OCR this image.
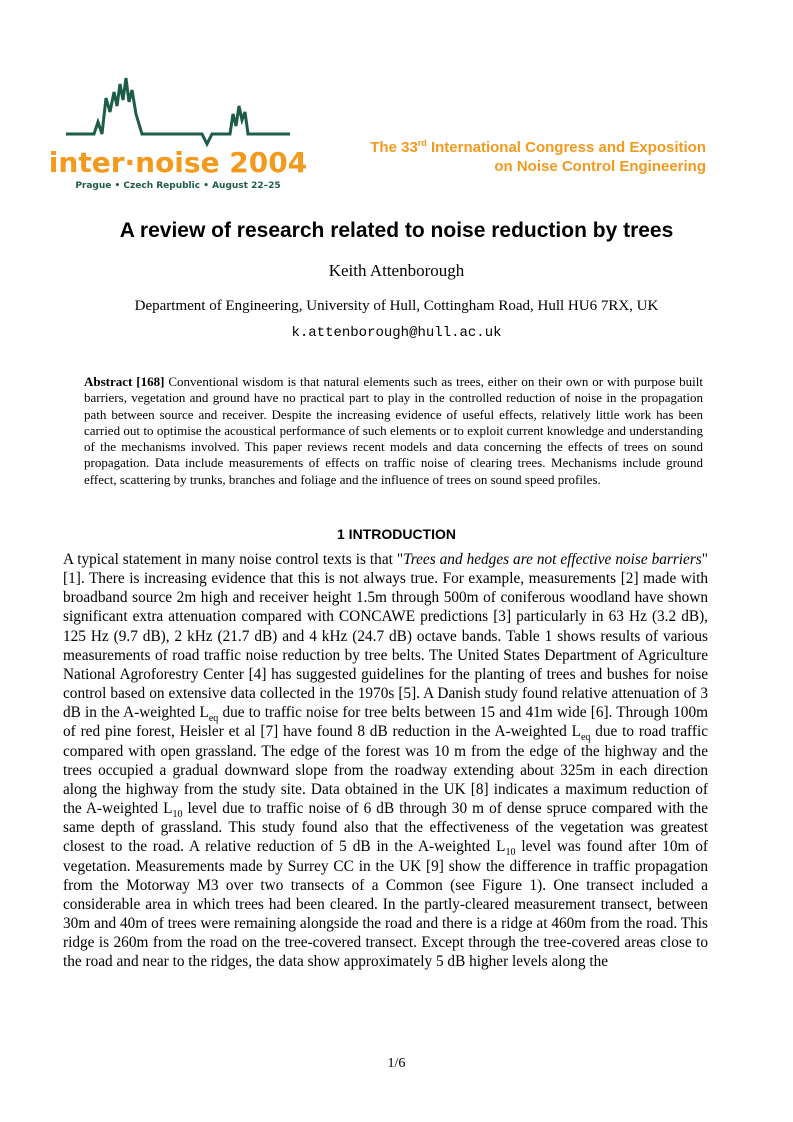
inter·noise 2004
Prague • Czech Republic • August 22–25
The 33rd International Congress and Exposition
on Noise Control Engineering
A review of research related to noise reduction by trees
Keith Attenborough
Department of Engineering, University of Hull, Cottingham Road, Hull HU6 7RX, UK
k.attenborough@hull.ac.uk
Abstract [168] Conventional wisdom is that natural elements such as trees, either on their own or with purpose built barriers, vegetation and ground have no practical part to play in the controlled reduction of noise in the propagation path between source and receiver. Despite the increasing evidence of useful effects, relatively little work has been carried out to optimise the acoustical performance of such elements or to exploit current knowledge and understanding of the mechanisms involved. This paper reviews recent models and data concerning the effects of trees on sound propagation. Data include measurements of effects on traffic noise of clearing trees. Mechanisms include ground effect, scattering by trunks, branches and foliage and the influence of trees on sound speed profiles.
1 INTRODUCTION
A typical statement in many noise control texts is that "Trees and hedges are not effective noise barriers" [1]. There is increasing evidence that this is not always true. For example, measurements [2] made with broadband source 2m high and receiver height 1.5m through 500m of coniferous woodland have shown significant extra attenuation compared with CONCAWE predictions [3] particularly in 63 Hz (3.2 dB), 125 Hz (9.7 dB), 2 kHz (21.7 dB) and 4 kHz (24.7 dB) octave bands. Table 1 shows results of various measurements of road traffic noise reduction by tree belts. The United States Department of Agriculture National Agroforestry Center [4] has suggested guidelines for the planting of trees and bushes for noise control based on extensive data collected in the 1970s [5]. A Danish study found relative attenuation of 3 dB in the A-weighted $L_{eq}$ due to traffic noise for tree belts between 15 and 41m wide [6]. Through 100m of red pine forest, Heisler et al [7] have found 8 dB reduction in the A-weighted $L_{eq}$ due to road traffic compared with open grassland. The edge of the forest was 10 m from the edge of the highway and the trees occupied a gradual downward slope from the roadway extending about 325m in each direction along the highway from the study site. Data obtained in the UK [8] indicates a maximum reduction of the A-weighted $L_{10}$ level due to traffic noise of 6 dB through 30 m of dense spruce compared with the same depth of grassland. This study found also that the effectiveness of the vegetation was greatest closest to the road. A relative reduction of 5 dB in the A-weighted $L_{10}$ level was found after 10m of vegetation. Measurements made by Surrey CC in the UK [9] show the difference in traffic propagation from the Motorway M3 over two transects of a Common (see Figure 1). One transect included a considerable area in which trees had been cleared. In the partly-cleared measurement transect, between 30m and 40m of trees were remaining alongside the road and there is a ridge at 460m from the road. This ridge is 260m from the road on the tree-covered transect. Except through the tree-covered areas close to the road and near to the ridges, the data show approximately 5 dB higher levels along the
1/6
